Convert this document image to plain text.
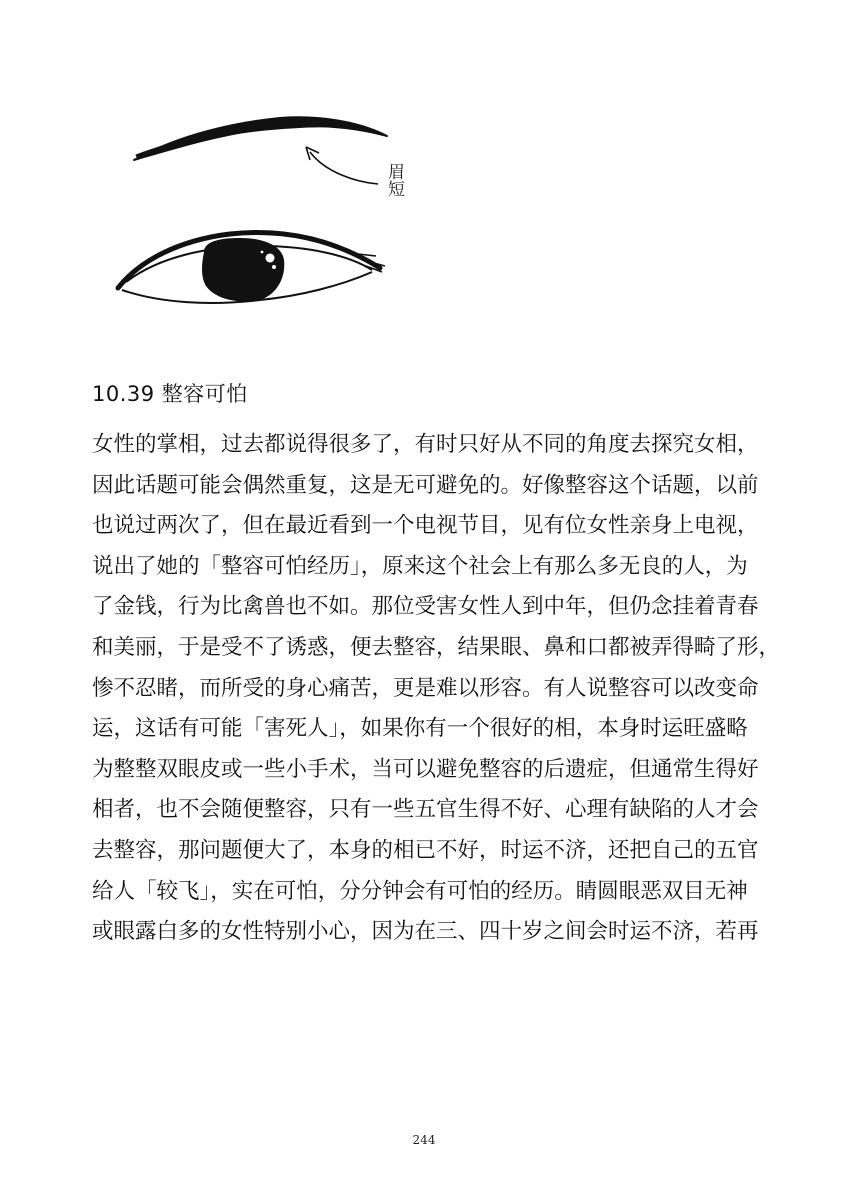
眉短
10.39 整容可怕
女性的掌相，过去都说得很多了，有时只好从不同的角度去探究女相，
因此话题可能会偶然重复，这是无可避免的。好像整容这个话题，以前
也说过两次了，但在最近看到一个电视节目，见有位女性亲身上电视，
说出了她的「整容可怕经历」，原来这个社会上有那么多无良的人，为
了金钱，行为比禽兽也不如。那位受害女性人到中年，但仍念挂着青春
和美丽，于是受不了诱惑，便去整容，结果眼、鼻和口都被弄得畸了形，
惨不忍睹，而所受的身心痛苦，更是难以形容。有人说整容可以改变命
运，这话有可能「害死人」，如果你有一个很好的相，本身时运旺盛略
为整整双眼皮或一些小手术，当可以避免整容的后遗症，但通常生得好
相者，也不会随便整容，只有一些五官生得不好、心理有缺陷的人才会
去整容，那问题便大了，本身的相已不好，时运不济，还把自己的五官
给人「较飞」，实在可怕，分分钟会有可怕的经历。睛圆眼恶双目无神
或眼露白多的女性特别小心，因为在三、四十岁之间会时运不济，若再
244
